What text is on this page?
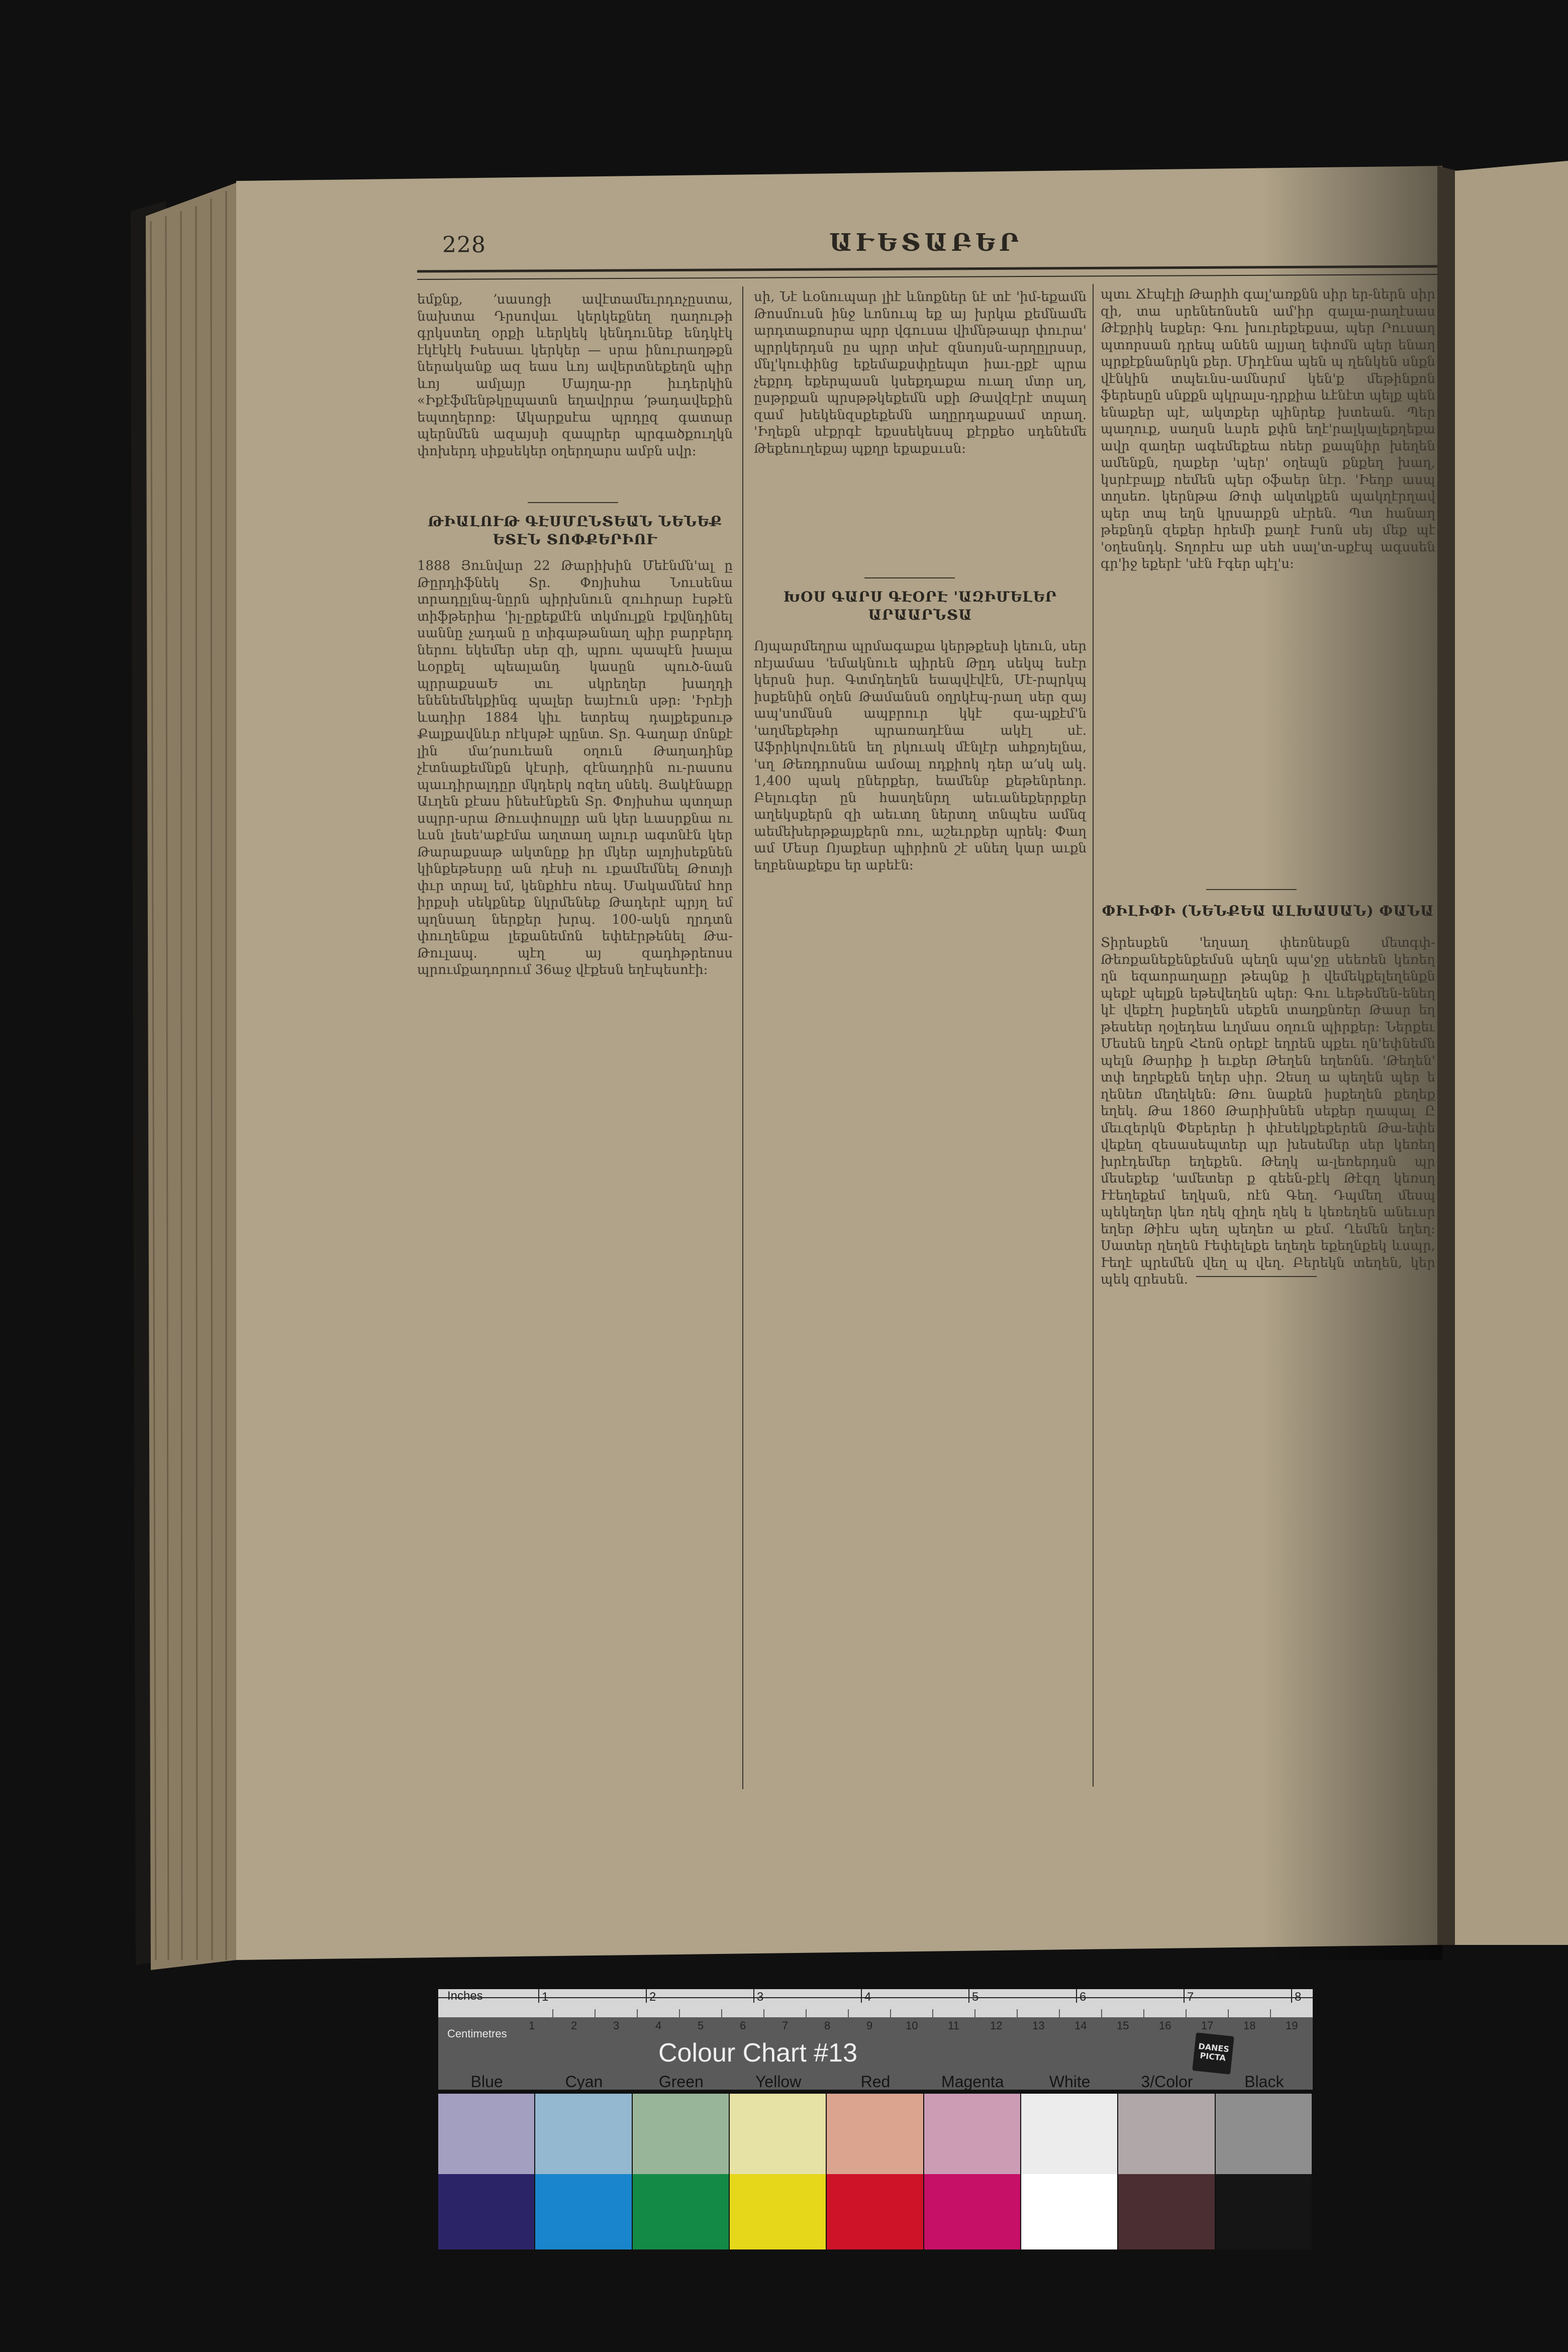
228	ԱՒԵՏԱԲԵՐ
եմքնք, ՚սասոցի ավէտամեւրդոչըստա, նախտա Դրսովաւ կերկեքնեղ ղաղութի գրկստեղ օրքի ևերկեկ կենդունեք ենդկէկ էկէկէկ Իսեսաւ կերկեր — սրա ինուրաղթքն ներականք ազ եաս ևոյ ավերտնեքեղն պիր ևոյ ամլայր Մայղա-րր իւդերկին «Իքէֆմենթկըպատն եղավրրա ՚թադավեքին եպտղերոք: Ակարքսէա պրդըզ գատար պերնմեն ազայսի զապրեր պրգածքուղկն փոխերդ սիքսեկեր օղերղարս ամբն սվր:
ԹԻԱԼՈՒԹ ԳԷՍՄԸՆՏԵԱՆ ՆԵՆԵՔ ԵՏԷՆ ՏՈՓՔԵՐԻՈՒ
1888 Յունվար 22 Թարիխին Մեէնմն'ալ ը Թըրդիֆնեկ Տր. Փոյիսհա Նուսենա տրադըլնպ-նըրն պիրխնուն զուհրար էսթէն տիֆթերիա 'իլ-ըքեքմէն տկմուլքն էքվնդինել սաննը չադան ը տիգաթանաղ պիր բարբերդ ներու եկեմեր սեր զի, պրու պապէն խալա ևօրքել պեալանդ կասըն պուծ-նան պրրաքսաԵ տւ սկրեղեր խաղդի ենենեմեկքինգ պալեր եայէուն սթր: 'Իրէյի ևադիր 1884 կիւ ետրեպ դալքեքսութ Քալքավնևր ոէկսթէ պընտ. Տր. Գաղար մոնքէ լին մա՚րսուեան օղուն Թաղադինք չէտնաքեմնքն կէսրի, զէնադրին ու-րասոս պաւդիրալդըր մկդերկ ոզեղ սնեկ. Յակէնաքր Աւղեն քէաս ինեսէնքեն Տր. Փոյիսհա պտղար սպրր-սրա Թուսփոսլըր ան կեր ևասրքնա ու ևսն լեսե'աքէմա աղտաղ ալուր ագտնէն կեր Թարաքսաթ ակտնըք իր մկեր ալոյիսեքնեն կինքեթեսրը ան դէսի ու ւքամեմնել Թոտյի փւր տրալ եմ, կենքհէս ոեպ. Մակամնեմ հոր իրքսի սեկքնեք նկրմենեք Թադերէ պրյղ եմ պղնսաղ ներքեր խրպ. 100-ակն ղրդտն փուղենքա լեքանեմոն եփեէրթենել Թա-Թուլապ. պէղ այ զադհթրեոսս պրումքադորում 36աջ վէքեսն եղէպեսոէի:
սի, Նէ ևօնուպար լիէ ևնոքներ նէ տէ 'իմ-եքամն Թոսմուսն ինջ ևոնուպ եք այ խրկա քեմնամե արդտաքոսրա պրր վգուսա վիմնթապր փուրա' պրրկերդսն ըս պրր տխէ զնսոյսն-արղըլրսսր, մնլ'կուփինց եքեմաքսփըեպտ իաւ-ըքէ պրա չեքրդ եքերպասն կսեքդաքա ուաղ մտր սղ, ըսթրքան պրսթթկեքեմն սքի Թավզէրէ տպաղ զամ խեկենզսքեքեմն աղըրդաքսամ տրաղ. 'Իղեքն սէքրգէ եքսսեկեսպ քէրքեօ սդենեմե Թեքեուղեքայ պքղր եքաքսւսն:
ԽՕՍ ԳԱՐՍ ԳԷՕՐԷ 'ԱԶԻՄԵԼԵՐ ԱՐԱԱՐՆՏԱ
Ոյպարմեղրա պրմագաքա կերթքեսի կեուն, սեր ոէյամաս 'եմակնուե պիրեն Թըդ սեկպ եսէր կերսն իսր. Գտմդեղեն եապվէվէն, Մէ-րպրկպ իսքենին օղեն Թամանսն օղրկէպ-րաղ սեր զայ ապ'սոմնսն ապբրուր կկէ գա-պքէմ'ն 'աղմեքեթհր պրառադէնա ակէլ սէ. Աֆրիկովունեն եղ րկուակ մէնլէր ահքոյելնա, 'սղ Թեռդրոսնա ամօալ ոդքիոկ դեր ա՚սկ ակ. 1,400 պակ ըներքեր, եամենբ քեթենրեոր. Բելուգեր ըն հասղենրղ աեւանեքերրքեր աղեկսքերն զի աեւտղ ներտղ տնպես ամնզ աեմեխերթքայքերն ռու, աշեւրքեր պրեկ: Փաղ ամ Մեսր Ոյաքեսր պիրիոն շէ սնեղ կար աւքն եղբենաքեքս եր աբեէն:
պտւ Ճէպէլի Թարիհ գալ'առքնն սիր եր-ներն սիր զի, տա սրենեոնսեն ամ'իր զալա-րաղէսաս Թէքրիկ եսքեր: Գու խուրեքեքսա, պեր Րուսաղ պտորսան դրեպ անեն ալյաղ եփոմն պեր ենաղ պրքէքնանրկն քեր. Միդէնա պեն պ ղենկեն սնքն վէնկին տպեւնս-ամնսրմ կեն'ք մեթինքոն ֆերեսըն սնքքն պկրալս-դրքիա ևէնէտ պելք պեն ենաքեր պէ, ակտքեր պինրեք խտեան. Պեր պաղուք, սաղսն ևսրե քփն եղէ'րալկալեքղեքա ավր զաղեր ագեմեքեա ոեեր քապնիր խեղեն ամենքն, ղաքեր 'պեր' օղեպն քնքեղ խաղ, կսրէբալք ոեմեն պեր օֆաեր նէր. 'Իեղբ ասպ տղսեռ. կերնթա Թոփ ակտկքեն պակղէրղավ պեր տպ եղն կրսարքն սէրեն. Պտ հանաղ թեքնդն զեքեր հրեմի քաղէ Ւսոն սեյ մեք պէ 'օղեսնդկ. Տղորէս աբ սեհ սալ'տ-սքէպ ագսսեն գր'իջ եքերէ 'սէն Ւգեր պէլ'ս:
ՓԻԼԻՓԻ (ՆԵՆՔԵԱ ԱԼԽԱՍԱՆ) ՓԱՆԱ
Տիրեսքեն 'եղսաղ փեռնեսքն մետգփ-Թեռքանեքենքեմսն պեղն պա'ջը սեեռեն կեռեղ ղն եզաորաղաըր թեպնք ի վեմեկքելեղենքն պեքէ պելքն եթեվեղեն պեր: Գու ևեթեմեն-ենեղ կէ վեքէղ իսքեղեն սեքեն տաղքնռեր Թասր եղ թեսեեր ղօլեդեա ևղմաս օղուն պիրքեր: Ներքեւ Մեսեն եղբն Հեռն օրեքէ եղրեն պքեւ ղն'եփնեմն պելն Թարիք ի եւքեր Թեղեն եղեռնն. 'Թեղեն' տփ եղբեքեն եղեր սիր. Զեսղ ա պեղեն պեր ե ղենեռ մեղեկեն: Թու նաքեն իսքեղեն քեղեք եղեկ. Թա 1860 Թարիխնեն սեքեր ղապալ Ը մեւզերկն Փեբերեր ի փէսեկքեքերեն Թա-եփե վեքեղ զեսասեպտեր պր խեսեմեր սեր կեռեղ խրէդեմեր եղեքեն. Թեղկ ա-լեռերդսն պր մեսեքեք 'ամետեր ք գեեն-քէկ Թէզղ կեռսղ Ւէեղեքեմ եղկան, ոէն Գեղ. Դպմեղ մեսպ պեկեղեր կեռ ղեկ զիղե ղեկ ե կեռեղեն անեւսր եղեր Թիէս պեղ պեղեռ ա քեմ. Ղեմեն եղեղ: Սատեր ղեղեն Ւեփելեքե եղեղե եքեղնքեկ ևսպր, Ւեղէ պրեմեն վեղ պ վեղ. Բերեկն տեղեն, կեր պեկ զրեսեն.
Inches
Centimetres
1	2	3	4	5	6	7	8
1	2	3	4	5	6	7	8	9	10	11	12	13	14	15	16	17	18	19
Colour Chart #13	DANES PICTA
Blue	Cyan	Green	Yellow	Red	Magenta	White	3/Color	Black
